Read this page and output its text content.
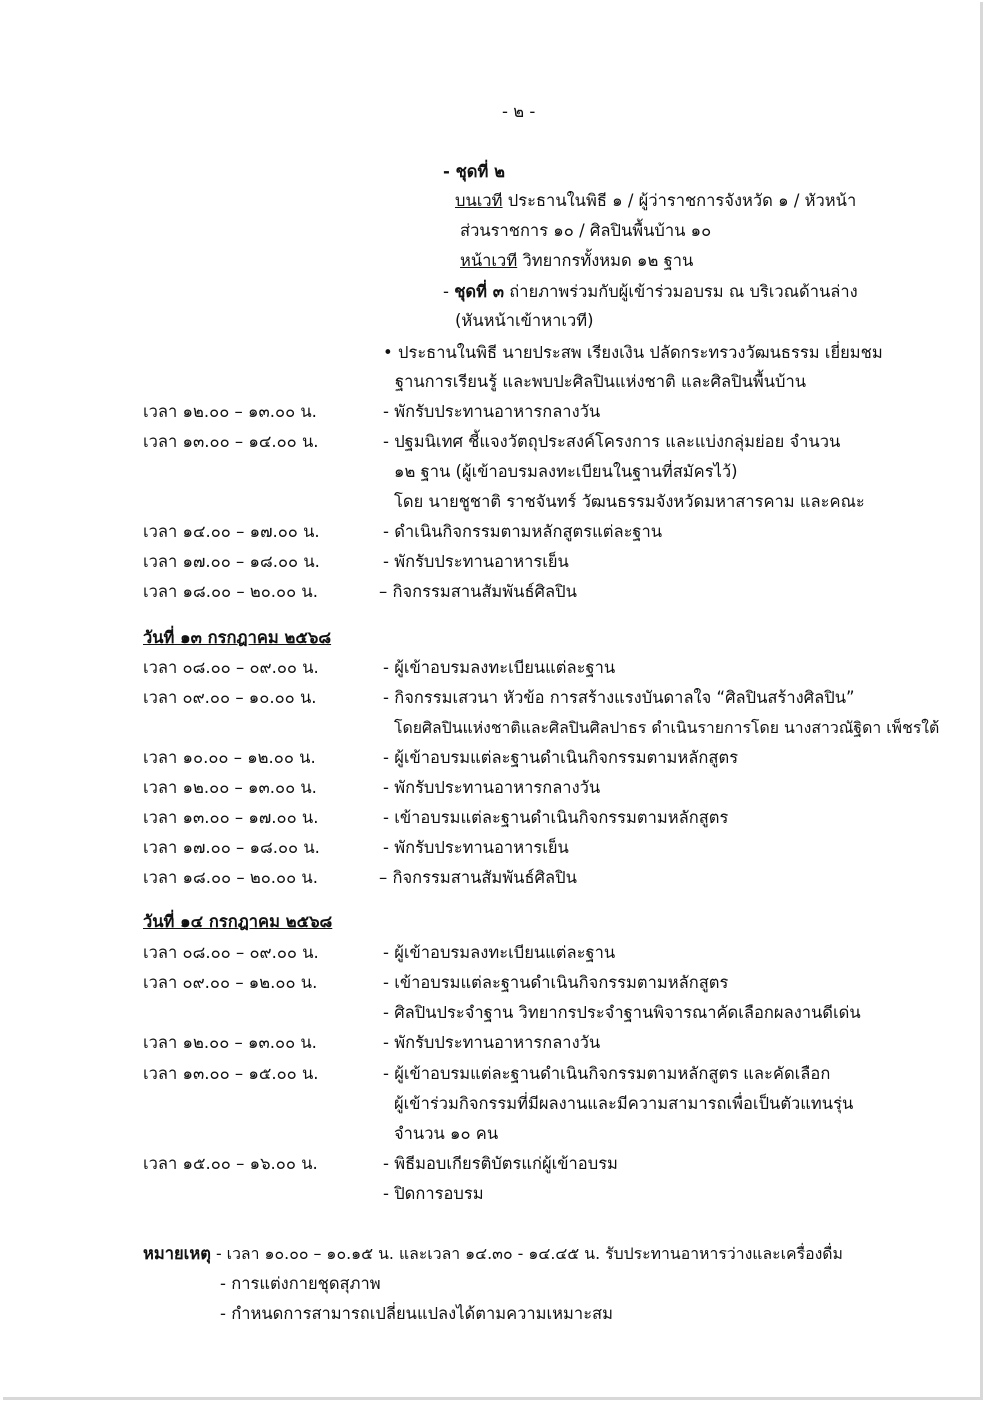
- ๒ -
- ชุดที่ ๒
บนเวที ประธานในพิธี ๑ / ผู้ว่าราชการจังหวัด ๑ / หัวหน้า
ส่วนราชการ ๑๐ / ศิลปินพื้นบ้าน ๑๐
หน้าเวที วิทยากรทั้งหมด ๑๒ ฐาน
- ชุดที่ ๓ ถ่ายภาพร่วมกับผู้เข้าร่วมอบรม ณ บริเวณด้านล่าง
(หันหน้าเข้าหาเวที)
• ประธานในพิธี นายประสพ เรียงเงิน ปลัดกระทรวงวัฒนธรรม เยี่ยมชม
ฐานการเรียนรู้ และพบปะศิลปินแห่งชาติ และศิลปินพื้นบ้าน
เวลา ๑๒.๐๐ – ๑๓.๐๐ น.	- พักรับประทานอาหารกลางวัน
เวลา ๑๓.๐๐ – ๑๔.๐๐ น.	- ปฐมนิเทศ ชี้แจงวัตถุประสงค์โครงการ และแบ่งกลุ่มย่อย จำนวน
๑๒ ฐาน (ผู้เข้าอบรมลงทะเบียนในฐานที่สมัครไว้)
โดย นายชูชาติ ราชจันทร์ วัฒนธรรมจังหวัดมหาสารคาม และคณะ
เวลา ๑๔.๐๐ – ๑๗.๐๐ น.	- ดำเนินกิจกรรมตามหลักสูตรแต่ละฐาน
เวลา ๑๗.๐๐ – ๑๘.๐๐ น.	- พักรับประทานอาหารเย็น
เวลา ๑๘.๐๐ – ๒๐.๐๐ น.	– กิจกรรมสานสัมพันธ์ศิลปิน
วันที่ ๑๓ กรกฎาคม ๒๕๖๘
เวลา ๐๘.๐๐ – ๐๙.๐๐ น.	- ผู้เข้าอบรมลงทะเบียนแต่ละฐาน
เวลา ๐๙.๐๐ – ๑๐.๐๐ น.	- กิจกรรมเสวนา หัวข้อ การสร้างแรงบันดาลใจ “ศิลปินสร้างศิลปิน”
โดยศิลปินแห่งชาติและศิลปินศิลปาธร ดำเนินรายการโดย นางสาวณัฐิดา เพ็ชรใต้
เวลา ๑๐.๐๐ – ๑๒.๐๐ น.	- ผู้เข้าอบรมแต่ละฐานดำเนินกิจกรรมตามหลักสูตร
เวลา ๑๒.๐๐ – ๑๓.๐๐ น.	- พักรับประทานอาหารกลางวัน
เวลา ๑๓.๐๐ – ๑๗.๐๐ น.	- เข้าอบรมแต่ละฐานดำเนินกิจกรรมตามหลักสูตร
เวลา ๑๗.๐๐ – ๑๘.๐๐ น.	- พักรับประทานอาหารเย็น
เวลา ๑๘.๐๐ – ๒๐.๐๐ น.	– กิจกรรมสานสัมพันธ์ศิลปิน
วันที่ ๑๔ กรกฎาคม ๒๕๖๘
เวลา ๐๘.๐๐ – ๐๙.๐๐ น.	- ผู้เข้าอบรมลงทะเบียนแต่ละฐาน
เวลา ๐๙.๐๐ – ๑๒.๐๐ น.	- เข้าอบรมแต่ละฐานดำเนินกิจกรรมตามหลักสูตร
- ศิลปินประจำฐาน วิทยากรประจำฐานพิจารณาคัดเลือกผลงานดีเด่น
เวลา ๑๒.๐๐ – ๑๓.๐๐ น.	- พักรับประทานอาหารกลางวัน
เวลา ๑๓.๐๐ – ๑๕.๐๐ น.	- ผู้เข้าอบรมแต่ละฐานดำเนินกิจกรรมตามหลักสูตร และคัดเลือก
ผู้เข้าร่วมกิจกรรมที่มีผลงานและมีความสามารถเพื่อเป็นตัวแทนรุ่น
จำนวน ๑๐ คน
เวลา ๑๕.๐๐ – ๑๖.๐๐ น.	- พิธีมอบเกียรติบัตรแก่ผู้เข้าอบรม
- ปิดการอบรม
หมายเหตุ - เวลา ๑๐.๐๐ – ๑๐.๑๕ น. และเวลา ๑๔.๓๐ - ๑๔.๔๕ น. รับประทานอาหารว่างและเครื่องดื่ม
- การแต่งกายชุดสุภาพ
- กำหนดการสามารถเปลี่ยนแปลงได้ตามความเหมาะสม
